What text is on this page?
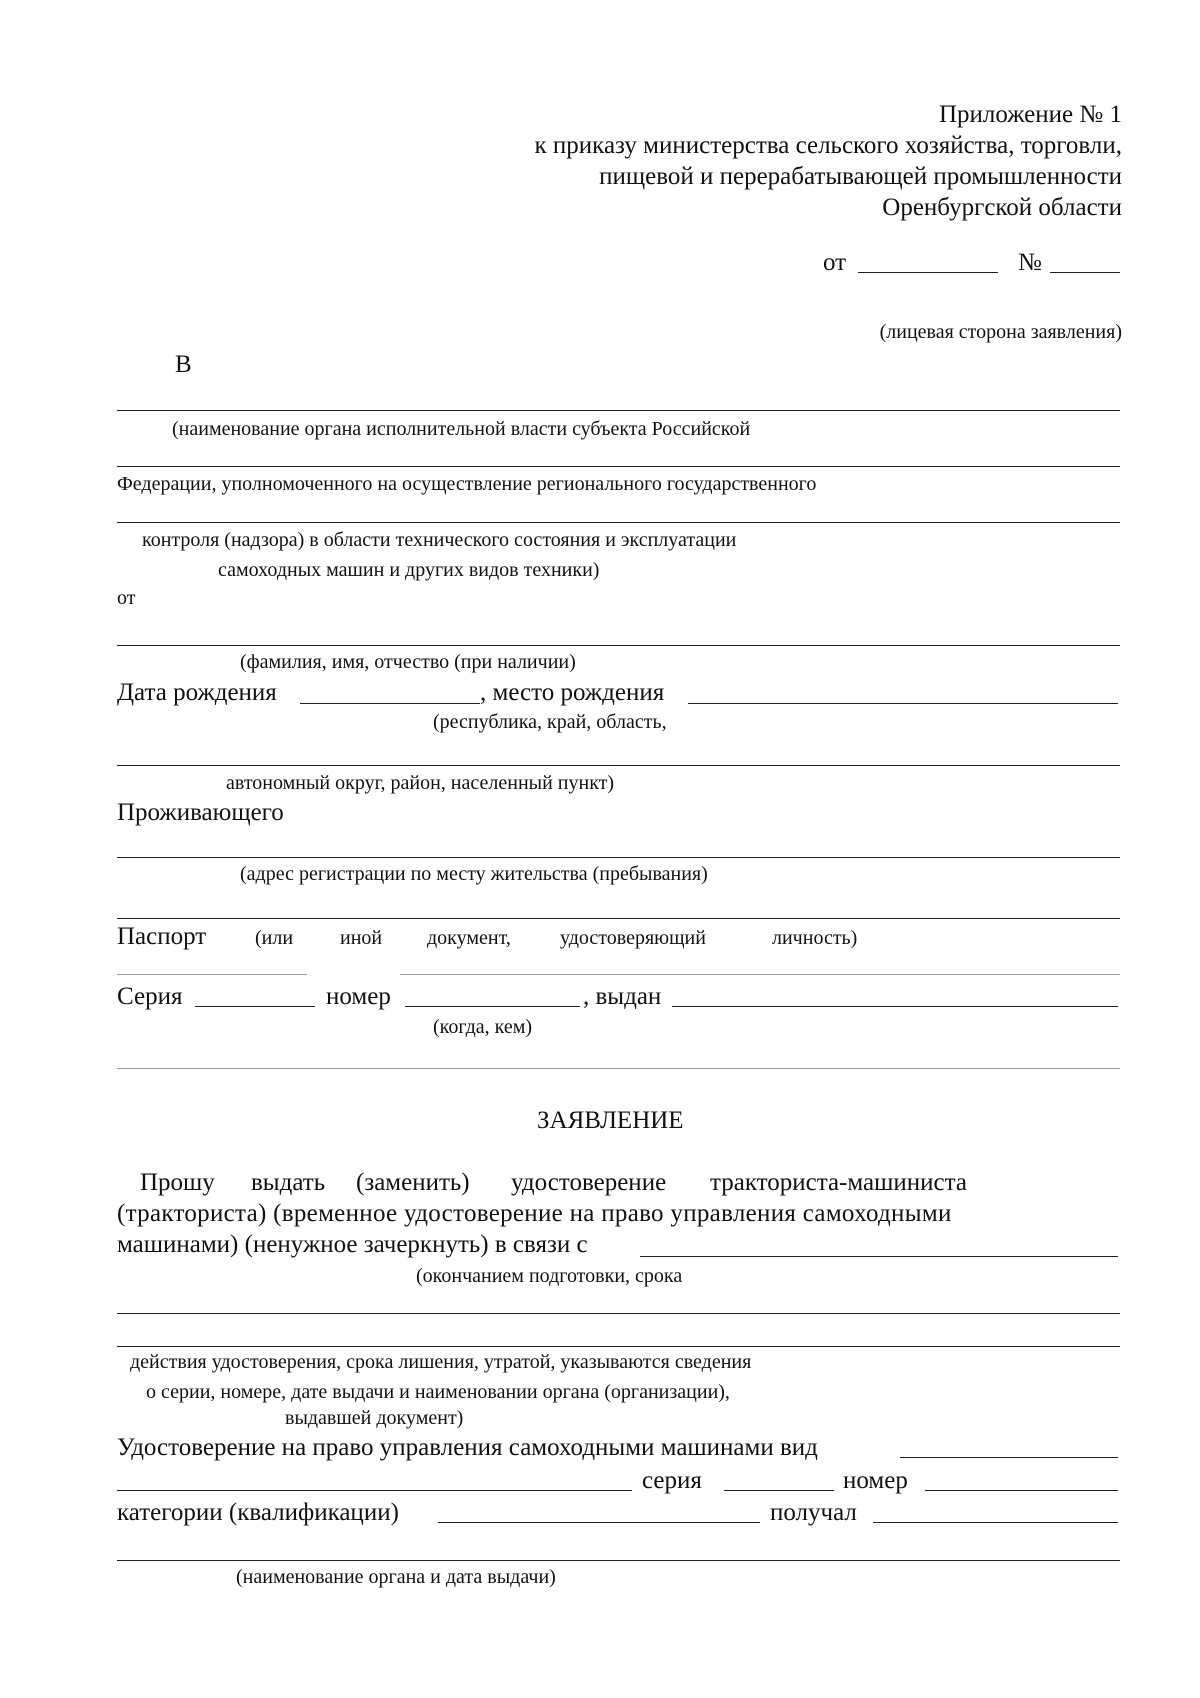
Приложение № 1
к приказу министерства сельского хозяйства, торговли,
пищевой и перерабатывающей промышленности
Оренбургской области
от	№
(лицевая сторона заявления)
В
(наименование органа исполнительной власти субъекта Российской
Федерации, уполномоченного на осуществление регионального государственного
контроля (надзора) в области технического состояния и эксплуатации
самоходных машин и других видов техники)
от
(фамилия, имя, отчество (при наличии)
Дата рождения	, место рождения
(республика, край, область,
автономный округ, район, населенный пункт)
Проживающего
(адрес регистрации по месту жительства (пребывания)
Паспорт (или иной документ, удостоверяющий	личность)
Серия	номер	, выдан
(когда, кем)
ЗАЯВЛЕНИЕ
Прошу выдать (заменить) удостоверение тракториста-машиниста
(тракториста) (временное удостоверение на право управления самоходными
машинами) (ненужное зачеркнуть) в связи с
(окончанием подготовки, срока
действия удостоверения, срока лишения, утратой, указываются сведения
о серии, номере, дате выдачи и наименовании органа (организации),
выдавшей документ)
Удостоверение на право управления самоходными машинами вид
серия	номер
категории (квалификации)	получал
(наименование органа и дата выдачи)
